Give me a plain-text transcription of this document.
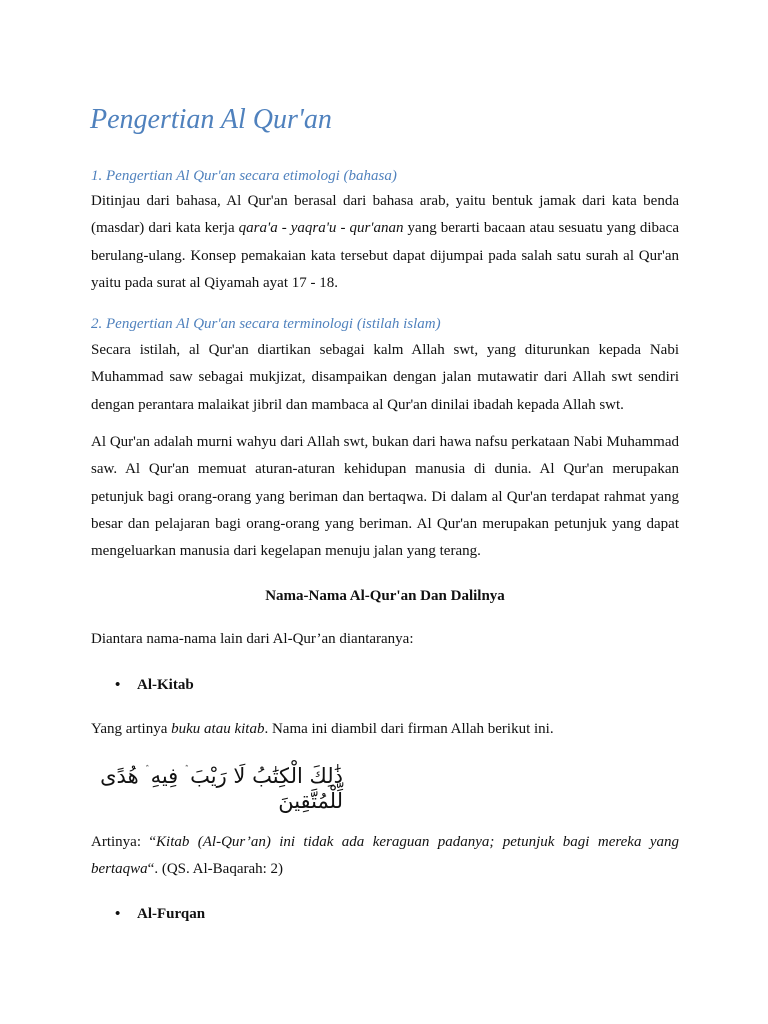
Pengertian Al Qur'an
1. Pengertian Al Qur'an secara etimologi (bahasa)
Ditinjau dari bahasa, Al Qur'an berasal dari bahasa arab, yaitu bentuk jamak dari kata benda (masdar) dari kata kerja qara'a - yaqra'u - qur'anan yang berarti bacaan atau sesuatu yang dibaca berulang-ulang. Konsep pemakaian kata tersebut dapat dijumpai pada salah satu surah al Qur'an yaitu pada surat al Qiyamah ayat 17 - 18.
2. Pengertian Al Qur'an secara terminologi (istilah islam)
Secara istilah, al Qur'an diartikan sebagai kalm Allah swt, yang diturunkan kepada Nabi Muhammad saw sebagai mukjizat, disampaikan dengan jalan mutawatir dari Allah swt sendiri dengan perantara malaikat jibril dan mambaca al Qur'an dinilai ibadah kepada Allah swt.
Al Qur'an adalah murni wahyu dari Allah swt, bukan dari hawa nafsu perkataan Nabi Muhammad saw. Al Qur'an memuat aturan-aturan kehidupan manusia di dunia. Al Qur'an merupakan petunjuk bagi orang-orang yang beriman dan bertaqwa. Di dalam al Qur'an terdapat rahmat yang besar dan pelajaran bagi orang-orang yang beriman. Al Qur'an merupakan petunjuk yang dapat mengeluarkan manusia dari kegelapan menuju jalan yang terang.
Nama-Nama Al-Qur'an Dan Dalilnya
Diantara nama-nama lain dari Al-Qur’an diantaranya:
• Al-Kitab
Yang artinya buku atau kitab. Nama ini diambil dari firman Allah berikut ini.
ذَٰلِكَ الْكِتَٰبُ لَا رَيْبَ ۛ فِيهِ ۛ هُدًى لِّلْمُتَّقِينَ
Artinya: “Kitab (Al-Qur’an) ini tidak ada keraguan padanya; petunjuk bagi mereka yang bertaqwa“. (QS. Al-Baqarah: 2)
• Al-Furqan
